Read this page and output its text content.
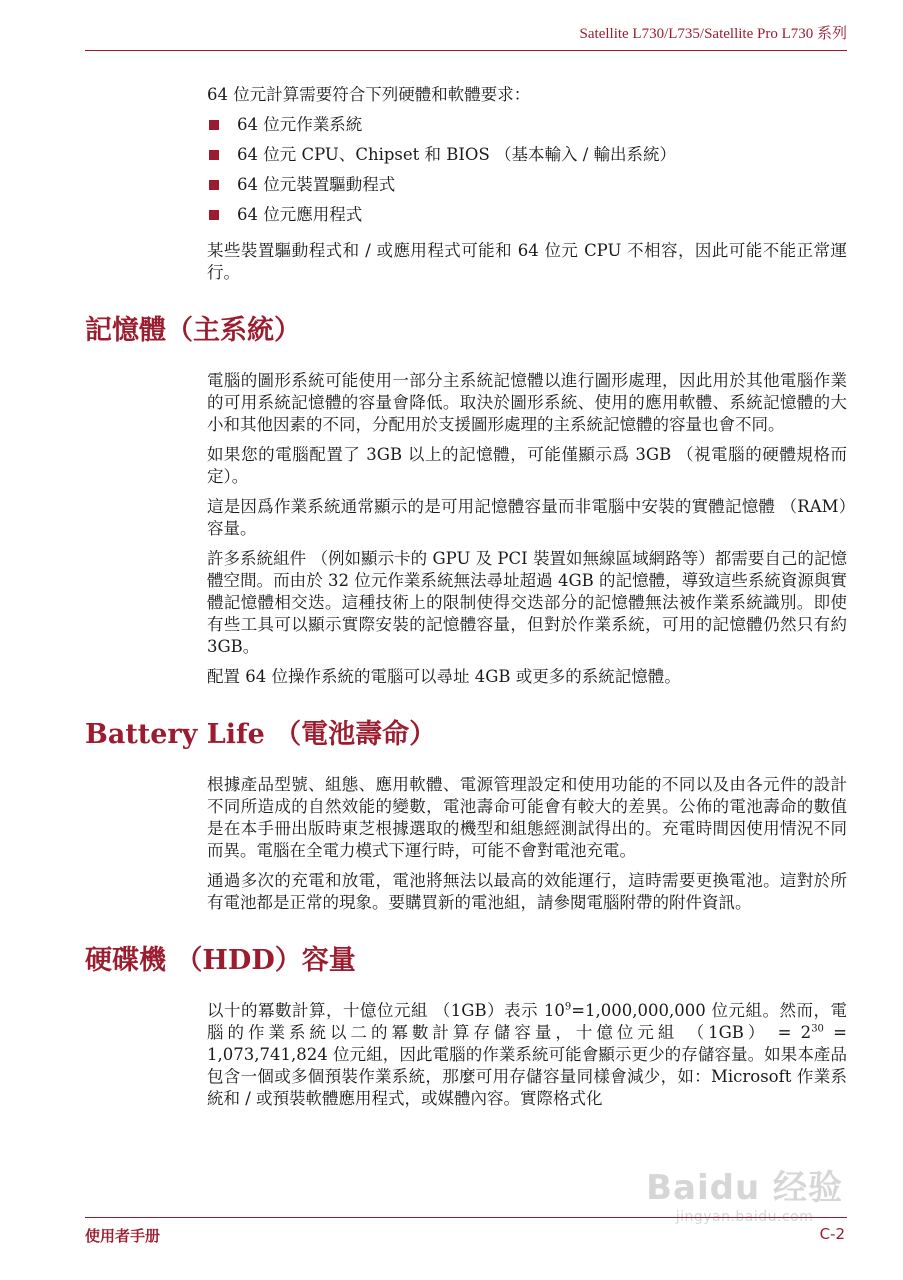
Satellite L730/L735/Satellite Pro L730 系列

64 位元計算需要符合下列硬體和軟體要求：

64 位元作業系統
64 位元 CPU、Chipset 和 BIOS （基本輸入 / 輸出系統）
64 位元裝置驅動程式
64 位元應用程式

某些裝置驅動程式和 / 或應用程式可能和 64 位元 CPU 不相容，因此可能不能正常運行。

記憶體（主系統）

電腦的圖形系統可能使用一部分主系統記憶體以進行圖形處理，因此用於其他電腦作業的可用系統記憶體的容量會降低。取決於圖形系統、使用的應用軟體、系統記憶體的大小和其他因素的不同，分配用於支援圖形處理的主系統記憶體的容量也會不同。

如果您的電腦配置了 3GB 以上的記憶體，可能僅顯示爲 3GB （視電腦的硬體規格而定）。

這是因爲作業系統通常顯示的是可用記憶體容量而非電腦中安裝的實體記憶體 （RAM）容量。

許多系統組件 （例如顯示卡的 GPU 及 PCI 裝置如無線區域網路等）都需要自己的記憶體空間。而由於 32 位元作業系統無法尋址超過 4GB 的記憶體，導致這些系統資源與實體記憶體相交迭。這種技術上的限制使得交迭部分的記憶體無法被作業系統識別。即使有些工具可以顯示實際安裝的記憶體容量，但對於作業系統，可用的記憶體仍然只有約 3GB。

配置 64 位操作系統的電腦可以尋址 4GB 或更多的系統記憶體。

Battery Life （電池壽命）

根據產品型號、組態、應用軟體、電源管理設定和使用功能的不同以及由各元件的設計不同所造成的自然效能的變數，電池壽命可能會有較大的差異。公佈的電池壽命的數值是在本手冊出版時東芝根據選取的機型和組態經測試得出的。充電時間因使用情況不同而異。電腦在全電力模式下運行時，可能不會對電池充電。

通過多次的充電和放電，電池將無法以最高的效能運行，這時需要更換電池。這對於所有電池都是正常的現象。要購買新的電池組，請參閱電腦附帶的附件資訊。

硬碟機 （HDD）容量

以十的冪數計算，十億位元組 （1GB）表示 $10^9=1,000,000,000$ 位元組。然而，電腦的作業系統以二的冪數計算存儲容量，十億位元組 $(1GB) = 2^{30} = 1,073,741,824$ 位元組，因此電腦的作業系統可能會顯示更少的存儲容量。如果本產品包含一個或多個預裝作業系統，那麼可用存儲容量同樣會減少，如：Microsoft 作業系統和 / 或預裝軟體應用程式，或媒體內容。實際格式化

Baidu 经验
jingyan.baidu.com
使用者手册	C-2
